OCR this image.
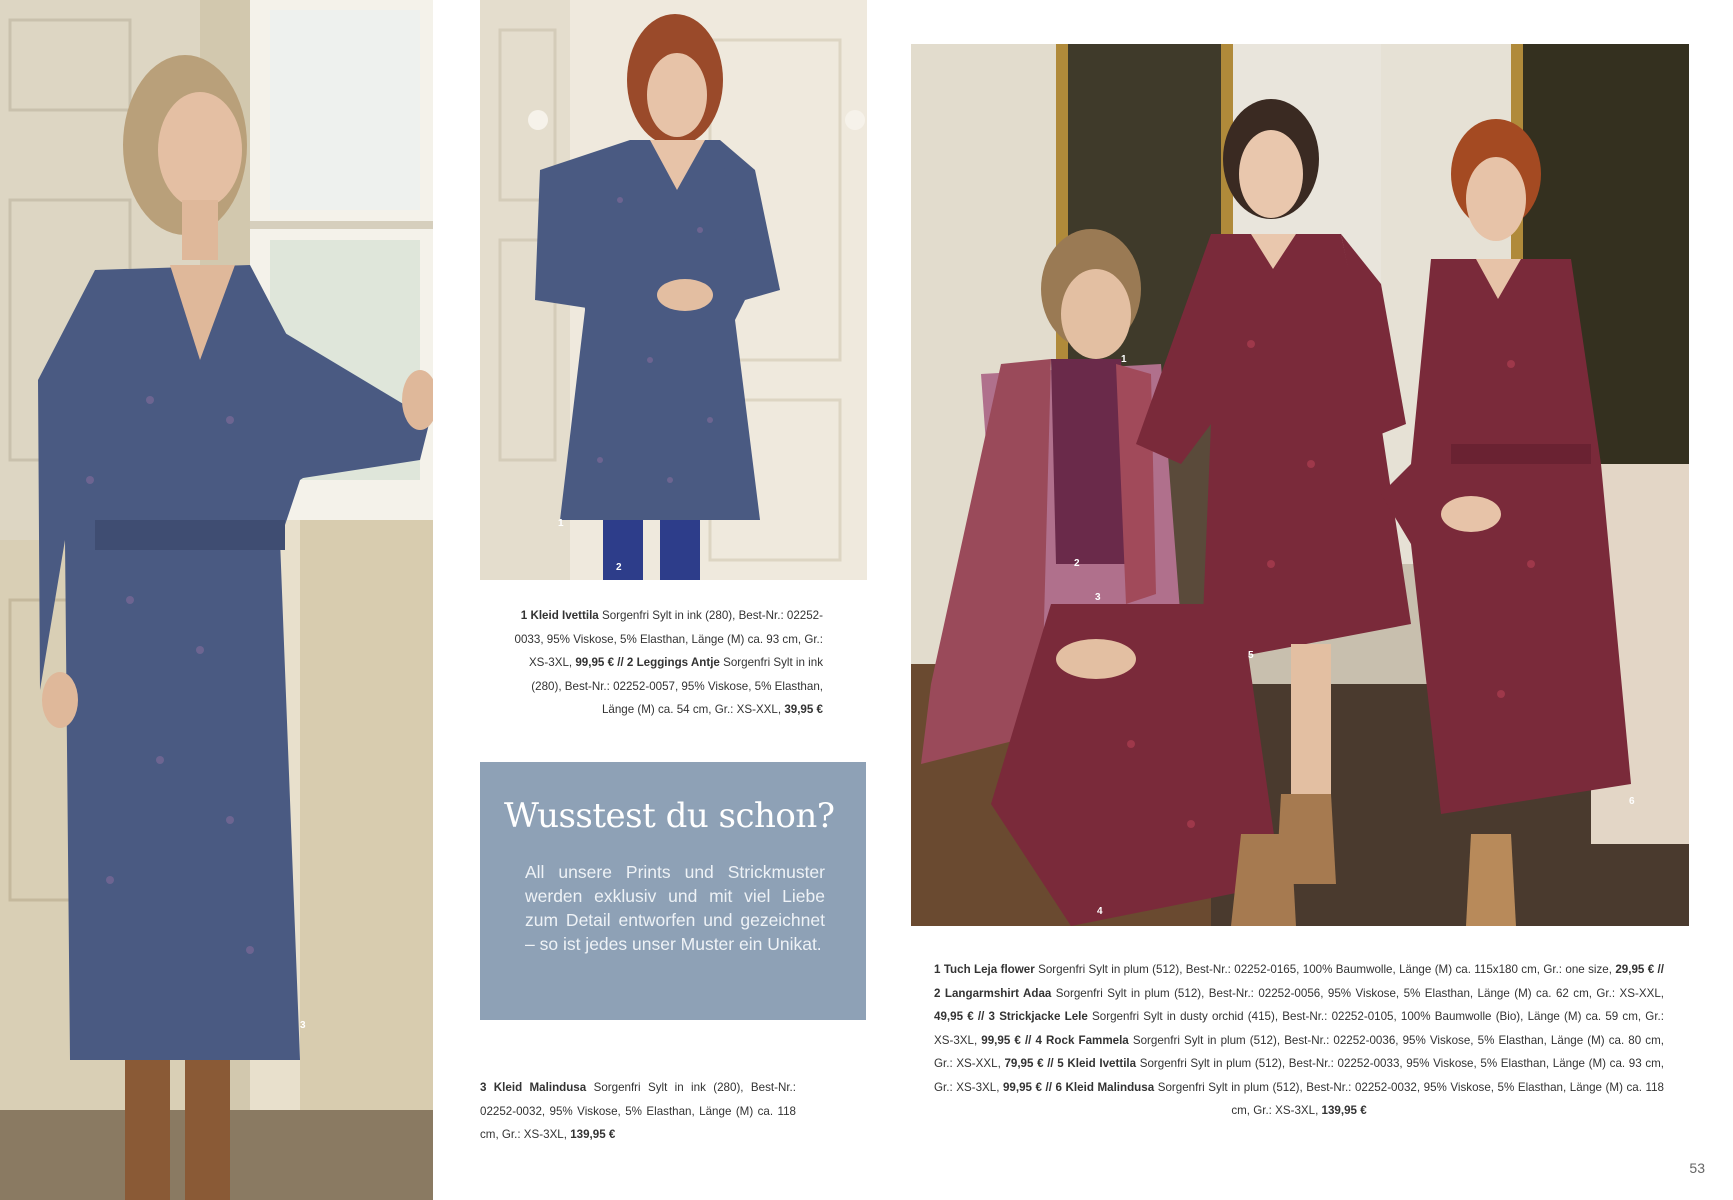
3
1
2
1 Kleid Ivettila Sorgenfri Sylt in ink (280), Best-Nr.: 02252-0033, 95% Viskose, 5% Elasthan, Länge (M) ca. 93 cm, Gr.: XS-3XL, 99,95 € // 2 Leggings Antje Sorgenfri Sylt in ink (280), Best-Nr.: 02252-0057, 95% Viskose, 5% Elasthan, Länge (M) ca. 54 cm, Gr.: XS-XXL, 39,95 €
Wusstest du schon?

All unsere Prints und Strickmuster werden exklusiv und mit viel Liebe zum Detail entworfen und gezeichnet – so ist jedes unser Muster ein Unikat.

3 Kleid Malindusa Sorgenfri Sylt in ink (280), Best-Nr.: 02252-0032, 95% Viskose, 5% Elasthan, Länge (M) ca. 118 cm, Gr.: XS-3XL, 139,95 €
1
2
3
4
5
6
1 Tuch Leja flower Sorgenfri Sylt in plum (512), Best-Nr.: 02252-0165, 100% Baumwolle, Länge (M) ca. 115x180 cm, Gr.: one size, 29,95 € // 2 Langarmshirt Adaa Sorgenfri Sylt in plum (512), Best-Nr.: 02252-0056, 95% Viskose, 5% Elasthan, Länge (M) ca. 62 cm, Gr.: XS-XXL, 49,95 € // 3 Strickjacke Lele Sorgenfri Sylt in dusty orchid (415), Best-Nr.: 02252-0105, 100% Baumwolle (Bio), Länge (M) ca. 59 cm, Gr.: XS-3XL, 99,95 € // 4 Rock Fammela Sorgenfri Sylt in plum (512), Best-Nr.: 02252-0036, 95% Viskose, 5% Elasthan, Länge (M) ca. 80 cm, Gr.: XS-XXL, 79,95 € // 5 Kleid Ivettila Sorgenfri Sylt in plum (512), Best-Nr.: 02252-0033, 95% Viskose, 5% Elasthan, Länge (M) ca. 93 cm, Gr.: XS-3XL, 99,95 € // 6 Kleid Malindusa Sorgenfri Sylt in plum (512), Best-Nr.: 02252-0032, 95% Viskose, 5% Elasthan, Länge (M) ca. 118 cm, Gr.: XS-3XL, 139,95 €
53
